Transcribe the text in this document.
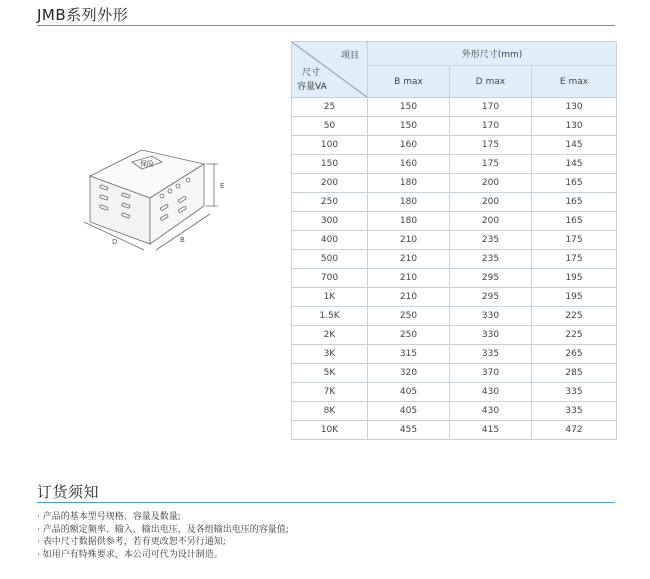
JMB系列外形
保险
D	B
E
项目
尺寸
容量VA	外形尺寸(mm)		
	B max	D max	E max
25	150	170	130
50	150	170	130
100	160	175	145
150	160	175	145
200	180	200	165
250	180	200	165
300	180	200	165
400	210	235	175
500	210	235	175
700	210	295	195
1K	210	295	195
1.5K	250	330	225
2K	250	330	225
3K	315	335	265
5K	320	370	285
7K	405	430	335
8K	405	430	335
10K	455	415	472
订货须知
· 产品的基本型号规格、容量及数量;
· 产品的额定频率、输入、输出电压，及各组输出电压的容量值;
· 表中尺寸数据供参考，若有更改恕不另行通知;
· 如用户有特殊要求，本公司可代为设计制造。
